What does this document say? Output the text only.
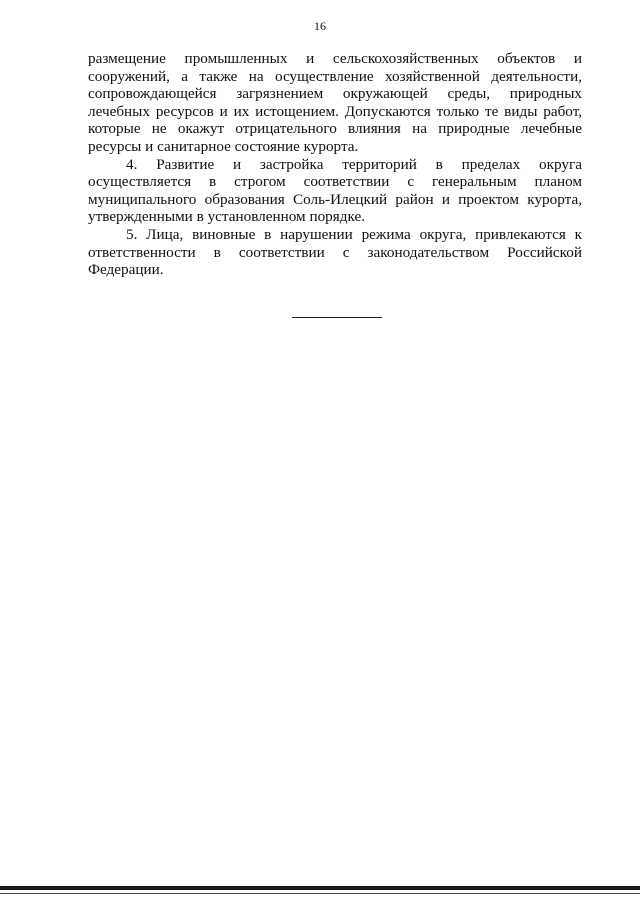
16

размещение промышленных и сельскохозяйственных объектов и сооружений, а также на осуществление хозяйственной деятельности, сопровождающейся загрязнением окружающей среды, природных лечебных ресурсов и их истощением. Допускаются только те виды работ, которые не окажут отрицательного влияния на природные лечебные ресурсы и санитарное состояние курорта.

4. Развитие и застройка территорий в пределах округа осуществляется в строгом соответствии с генеральным планом муниципального образования Соль-Илецкий район и проектом курорта, утвержденными в установленном порядке.

5. Лица, виновные в нарушении режима округа, привлекаются к ответственности в соответствии с законодательством Российской Федерации.
